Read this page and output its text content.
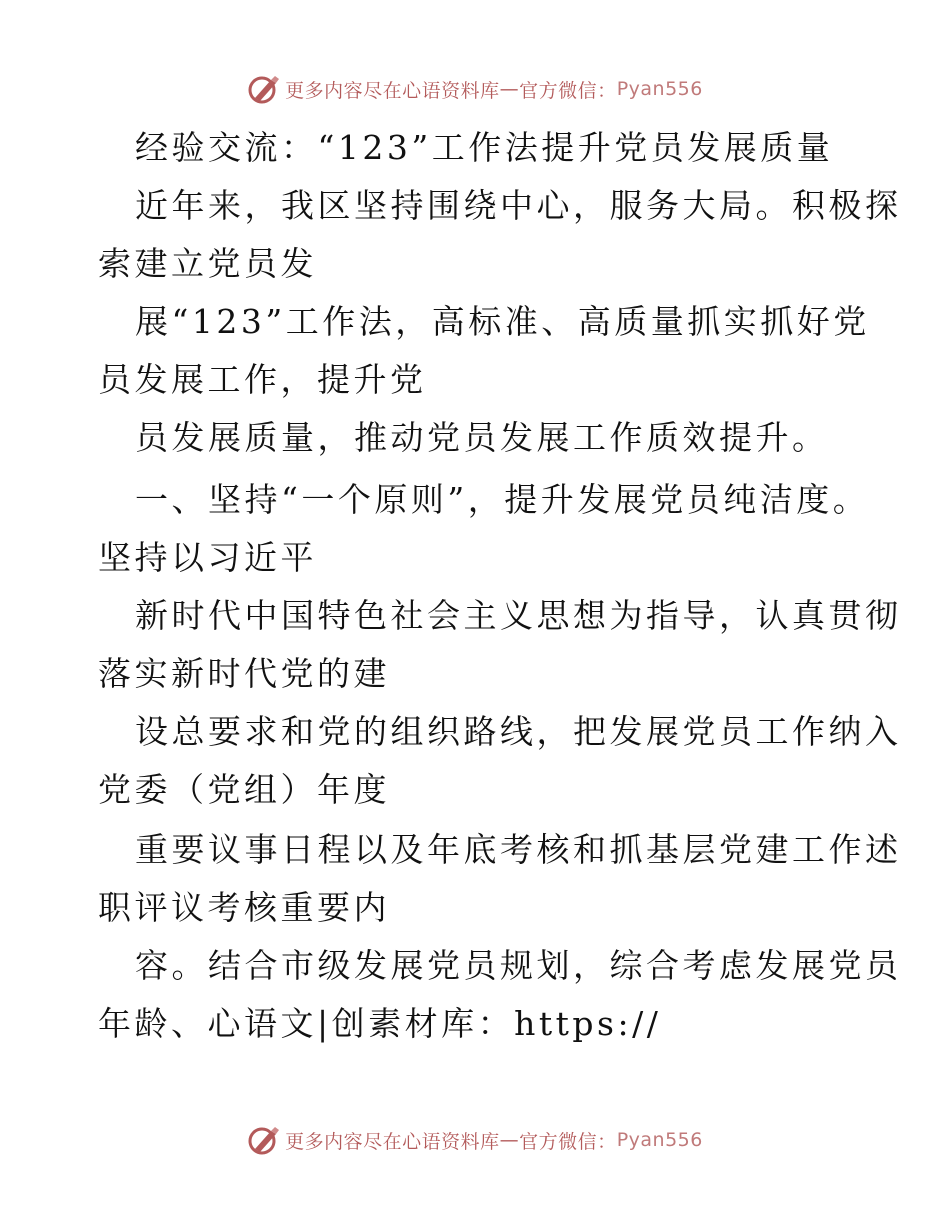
更多内容尽在心语资料库 — 官方微信： Pyan556
经验交流：“123”工作法提升党员发展质量
近年来，我区坚持围绕中心，服务大局。积极探
索建立党员发
展“123”工作法，高标准、高质量抓实抓好党
员发展工作，提升党
员发展质量，推动党员发展工作质效提升。
一、坚持“一个原则”，提升发展党员纯洁度。
坚持以习近平
新时代中国特色社会主义思想为指导，认真贯彻
落实新时代党的建
设总要求和党的组织路线，把发展党员工作纳入
党委（党组）年度
重要议事日程以及年底考核和抓基层党建工作述
职评议考核重要内
容。结合市级发展党员规划，综合考虑发展党员
年龄、心语文|创素材库：https://
更多内容尽在心语资料库 — 官方微信： Pyan556
